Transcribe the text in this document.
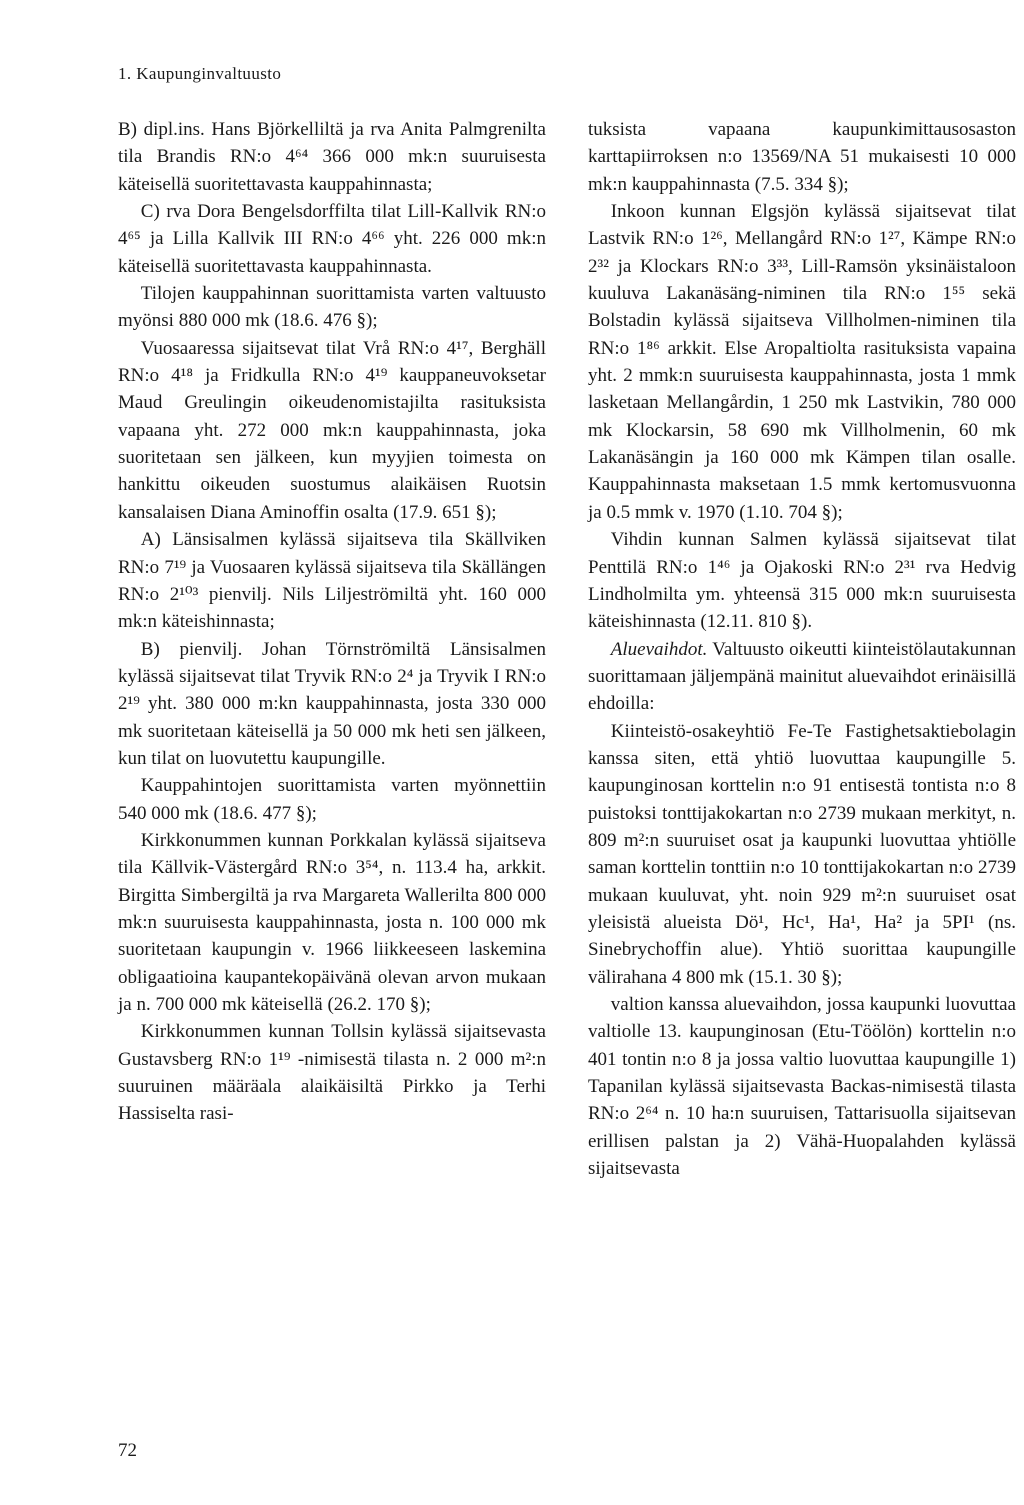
1. Kaupunginvaltuusto

B) dipl.ins. Hans Björkelliltä ja rva Anita Palmgrenilta tila Brandis RN:o 4⁶⁴ 366 000 mk:n suuruisesta käteisellä suoritettavasta kauppahinnasta;

C) rva Dora Bengelsdorffilta tilat Lill-Kallvik RN:o 4⁶⁵ ja Lilla Kallvik III RN:o 4⁶⁶ yht. 226 000 mk:n käteisellä suoritettavasta kauppahinnasta.

Tilojen kauppahinnan suorittamista varten valtuusto myönsi 880 000 mk (18.6. 476 §);

Vuosaaressa sijaitsevat tilat Vrå RN:o 4¹⁷, Berghäll RN:o 4¹⁸ ja Fridkulla RN:o 4¹⁹ kauppaneuvoksetar Maud Greulingin oikeudenomistajilta rasituksista vapaana yht. 272 000 mk:n kauppahinnasta, joka suoritetaan sen jälkeen, kun myyjien toimesta on hankittu oikeuden suostumus alaikäisen Ruotsin kansalaisen Diana Aminoffin osalta (17.9. 651 §);

A) Länsisalmen kylässä sijaitseva tila Skällviken RN:o 7¹⁹ ja Vuosaaren kylässä sijaitseva tila Skällängen RN:o 2¹⁰³ pienvilj. Nils Liljeströmiltä yht. 160 000 mk:n käteishinnasta;

B) pienvilj. Johan Törnströmiltä Länsisalmen kylässä sijaitsevat tilat Tryvik RN:o 2⁴ ja Tryvik I RN:o 2¹⁹ yht. 380 000 m:kn kauppahinnasta, josta 330 000 mk suoritetaan käteisellä ja 50 000 mk heti sen jälkeen, kun tilat on luovutettu kaupungille.

Kauppahintojen suorittamista varten myönnettiin 540 000 mk (18.6. 477 §);

Kirkkonummen kunnan Porkkalan kylässä sijaitseva tila Källvik-Västergård RN:o 3⁵⁴, n. 113.4 ha, arkkit. Birgitta Simbergiltä ja rva Margareta Wallerilta 800 000 mk:n suuruisesta kauppahinnasta, josta n. 100 000 mk suoritetaan kaupungin v. 1966 liikkeeseen laskemina obligaatioina kaupantekopäivänä olevan arvon mukaan ja n. 700 000 mk käteisellä (26.2. 170 §);

Kirkkonummen kunnan Tollsin kylässä sijaitsevasta Gustavsberg RN:o 1¹⁹ -nimisestä tilasta n. 2 000 m²:n suuruinen määräala alaikäisiltä Pirkko ja Terhi Hassiselta rasi-

tuksista vapaana kaupunkimittausosaston karttapiirroksen n:o 13569/NA 51 mukaisesti 10 000 mk:n kauppahinnasta (7.5. 334 §);

Inkoon kunnan Elgsjön kylässä sijaitsevat tilat Lastvik RN:o 1²⁶, Mellangård RN:o 1²⁷, Kämpe RN:o 2³² ja Klockars RN:o 3³³, Lill-Ramsön yksinäistaloon kuuluva Lakanäsäng-niminen tila RN:o 1⁵⁵ sekä Bolstadin kylässä sijaitseva Villholmen-niminen tila RN:o 1⁸⁶ arkkit. Else Aropaltiolta rasituksista vapaina yht. 2 mmk:n suuruisesta kauppahinnasta, josta 1 mmk lasketaan Mellangårdin, 1 250 mk Lastvikin, 780 000 mk Klockarsin, 58 690 mk Villholmenin, 60 mk Lakanäsängin ja 160 000 mk Kämpen tilan osalle. Kauppahinnasta maksetaan 1.5 mmk kertomusvuonna ja 0.5 mmk v. 1970 (1.10. 704 §);

Vihdin kunnan Salmen kylässä sijaitsevat tilat Penttilä RN:o 1⁴⁶ ja Ojakoski RN:o 2³¹ rva Hedvig Lindholmilta ym. yhteensä 315 000 mk:n suuruisesta käteishinnasta (12.11. 810 §).

Aluevaihdot. Valtuusto oikeutti kiinteistölautakunnan suorittamaan jäljempänä mainitut aluevaihdot erinäisillä ehdoilla:

Kiinteistö-osakeyhtiö Fe-Te Fastighetsaktiebolagin kanssa siten, että yhtiö luovuttaa kaupungille 5. kaupunginosan korttelin n:o 91 entisestä tontista n:o 8 puistoksi tonttijakokartan n:o 2739 mukaan merkityt, n. 809 m²:n suuruiset osat ja kaupunki luovuttaa yhtiölle saman korttelin tonttiin n:o 10 tonttijakokartan n:o 2739 mukaan kuuluvat, yht. noin 929 m²:n suuruiset osat yleisistä alueista Dö¹, Hc¹, Ha¹, Ha² ja 5PI¹ (ns. Sinebrychoffin alue). Yhtiö suorittaa kaupungille välirahana 4 800 mk (15.1. 30 §);

valtion kanssa aluevaihdon, jossa kaupunki luovuttaa valtiolle 13. kaupunginosan (Etu-Töölön) korttelin n:o 401 tontin n:o 8 ja jossa valtio luovuttaa kaupungille 1) Tapanilan kylässä sijaitsevasta Backas-nimisestä tilasta RN:o 2⁶⁴ n. 10 ha:n suuruisen, Tattarisuolla sijaitsevan erillisen palstan ja 2) Vähä-Huopalahden kylässä sijaitsevasta

72
